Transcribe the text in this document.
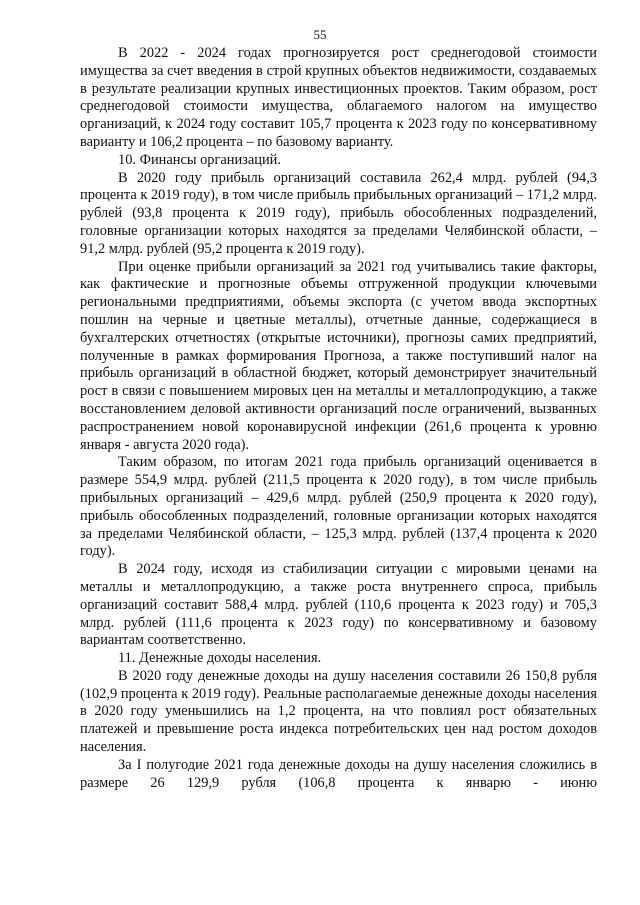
55

В 2022 - 2024 годах прогнозируется рост среднегодовой стоимости имущества за счет введения в строй крупных объектов недвижимости, создаваемых в результате реализации крупных инвестиционных проектов. Таким образом, рост среднегодовой стоимости имущества, облагаемого налогом на имущество организаций, к 2024 году составит 105,7 процента к 2023 году по консервативному варианту и 106,2 процента – по базовому варианту.

10. Финансы организаций.

В 2020 году прибыль организаций составила 262,4 млрд. рублей (94,3 процента к 2019 году), в том числе прибыль прибыльных организаций – 171,2 млрд. рублей (93,8 процента к 2019 году), прибыль обособленных подразделений, головные организации которых находятся за пределами Челябинской области, – 91,2 млрд. рублей (95,2 процента к 2019 году).

При оценке прибыли организаций за 2021 год учитывались такие факторы, как фактические и прогнозные объемы отгруженной продукции ключевыми региональными предприятиями, объемы экспорта (с учетом ввода экспортных пошлин на черные и цветные металлы), отчетные данные, содержащиеся в бухгалтерских отчетностях (открытые источники), прогнозы самих предприятий, полученные в рамках формирования Прогноза, а также поступивший налог на прибыль организаций в областной бюджет, который демонстрирует значительный рост в связи с повышением мировых цен на металлы и металлопродукцию, а также восстановлением деловой активности организаций после ограничений, вызванных распространением новой коронавирусной инфекции (261,6 процента к уровню января - августа 2020 года).

Таким образом, по итогам 2021 года прибыль организаций оценивается в размере 554,9 млрд. рублей (211,5 процента к 2020 году), в том числе прибыль прибыльных организаций – 429,6 млрд. рублей (250,9 процента к 2020 году), прибыль обособленных подразделений, головные организации которых находятся за пределами Челябинской области, – 125,3 млрд. рублей (137,4 процента к 2020 году).

В 2024 году, исходя из стабилизации ситуации с мировыми ценами на металлы и металлопродукцию, а также роста внутреннего спроса, прибыль организаций составит 588,4 млрд. рублей (110,6 процента к 2023 году) и 705,3 млрд. рублей (111,6 процента к 2023 году) по консервативному и базовому вариантам соответственно.

11. Денежные доходы населения.

В 2020 году денежные доходы на душу населения составили 26 150,8 рубля (102,9 процента к 2019 году). Реальные располагаемые денежные доходы населения в 2020 году уменьшились на 1,2 процента, на что повлиял рост обязательных платежей и превышение роста индекса потребительских цен над ростом доходов населения.

За I полугодие 2021 года денежные доходы на душу населения сложились в размере 26 129,9 рубля (106,8 процента к январю - июню
